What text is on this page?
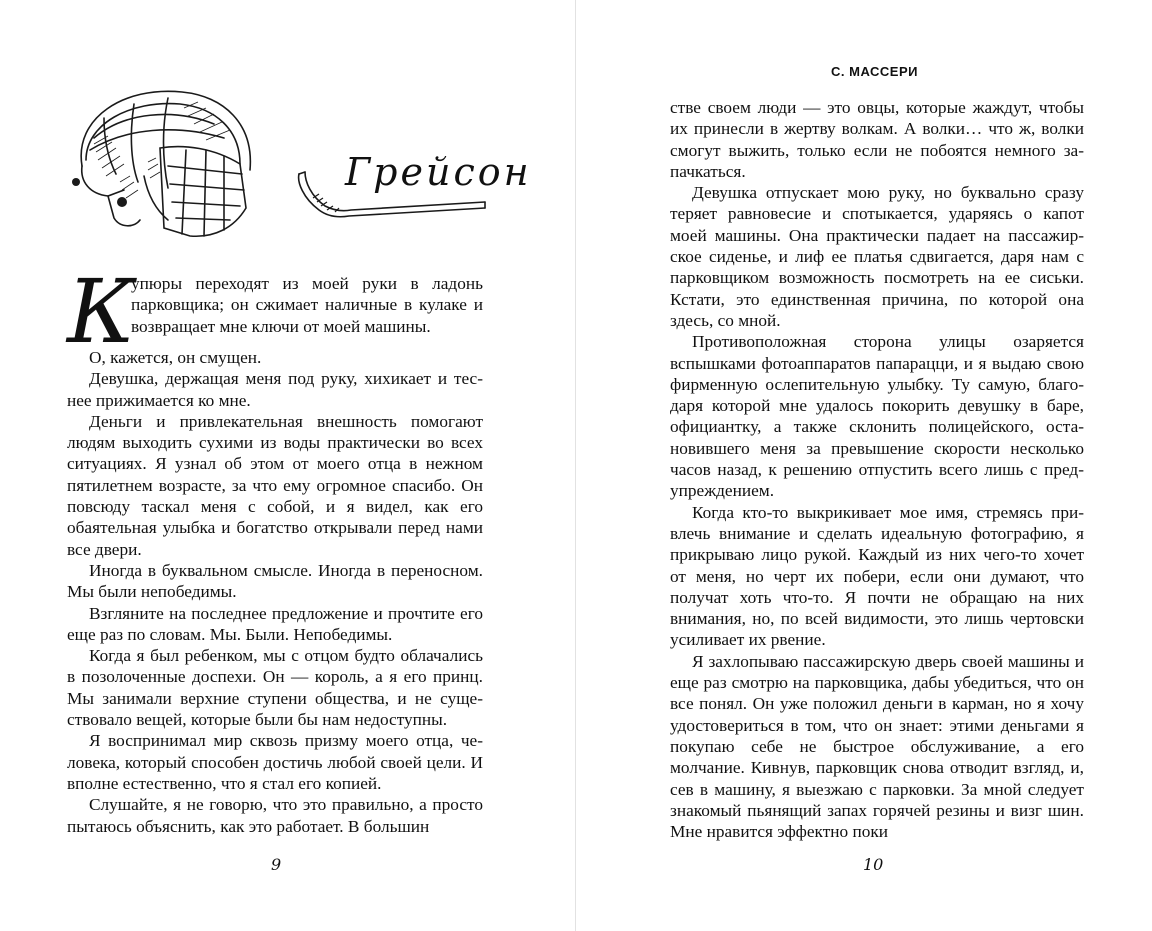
Грейсон
К
упюры переходят из моей руки в ладонь парковщика; он сжимает наличные в кулаке и возвращает мне ключи от моей машины.

О, кажется, он смущен.

Девушка, держащая меня под руку, хихикает и теснее прижимается ко мне.

Деньги и привлекательная внешность помогают людям выходить сухими из воды практически во всех ситуациях. Я узнал об этом от моего отца в нежном пятилетнем возрасте, за что ему огромное спасибо. Он повсюду таскал меня с собой, и я видел, как его обаятельная улыбка и богатство открывали перед нами все двери.

Иногда в буквальном смысле. Иногда в переносном. Мы были непобедимы.

Взгляните на последнее предложение и прочтите его еще раз по словам. Мы. Были. Непобедимы.

Когда я был ребенком, мы с отцом будто облачались в позолоченные доспехи. Он — король, а я его принц. Мы занимали верхние ступени общества, и не существовало вещей, которые были бы нам недоступны.

Я воспринимал мир сквозь призму моего отца, человека, который способен достичь любой своей цели. И вполне естественно, что я стал его копией.

Слушайте, я не говорю, что это правильно, а просто пытаюсь объяснить, как это работает. В большин

9
С. МАССЕРИ

стве своем люди — это овцы, которые жаждут, чтобы их принесли в жертву волкам. А волки… что ж, волки смогут выжить, только если не побоятся немного запачкаться.

Девушка отпускает мою руку, но буквально сразу теряет равновесие и спотыкается, ударяясь о капот моей машины. Она практически падает на пассажирское сиденье, и лиф ее платья сдвигается, даря нам с парковщиком возможность посмотреть на ее сиськи. Кстати, это единственная причина, по которой она здесь, со мной.

Противоположная сторона улицы озаряется вспышками фотоаппаратов папарацци, и я выдаю свою фирменную ослепительную улыбку. Ту самую, благодаря которой мне удалось покорить девушку в баре, официантку, а также склонить полицейского, остановившего меня за превышение скорости несколько часов назад, к решению отпустить всего лишь с предупреждением.

Когда кто-то выкрикивает мое имя, стремясь привлечь внимание и сделать идеальную фотографию, я прикрываю лицо рукой. Каждый из них чего-то хочет от меня, но черт их побери, если они думают, что получат хоть что-то. Я почти не обращаю на них внимания, но, по всей видимости, это лишь чертовски усиливает их рвение.

Я захлопываю пассажирскую дверь своей машины и еще раз смотрю на парковщика, дабы убедиться, что он все понял. Он уже положил деньги в карман, но я хочу удостовериться в том, что он знает: этими деньгами я покупаю себе не быстрое обслуживание, а его молчание. Кивнув, парковщик снова отводит взгляд, и, сев в машину, я выезжаю с парковки. За мной следует знакомый пьянящий запах горячей резины и визг шин. Мне нравится эффектно поки

10
